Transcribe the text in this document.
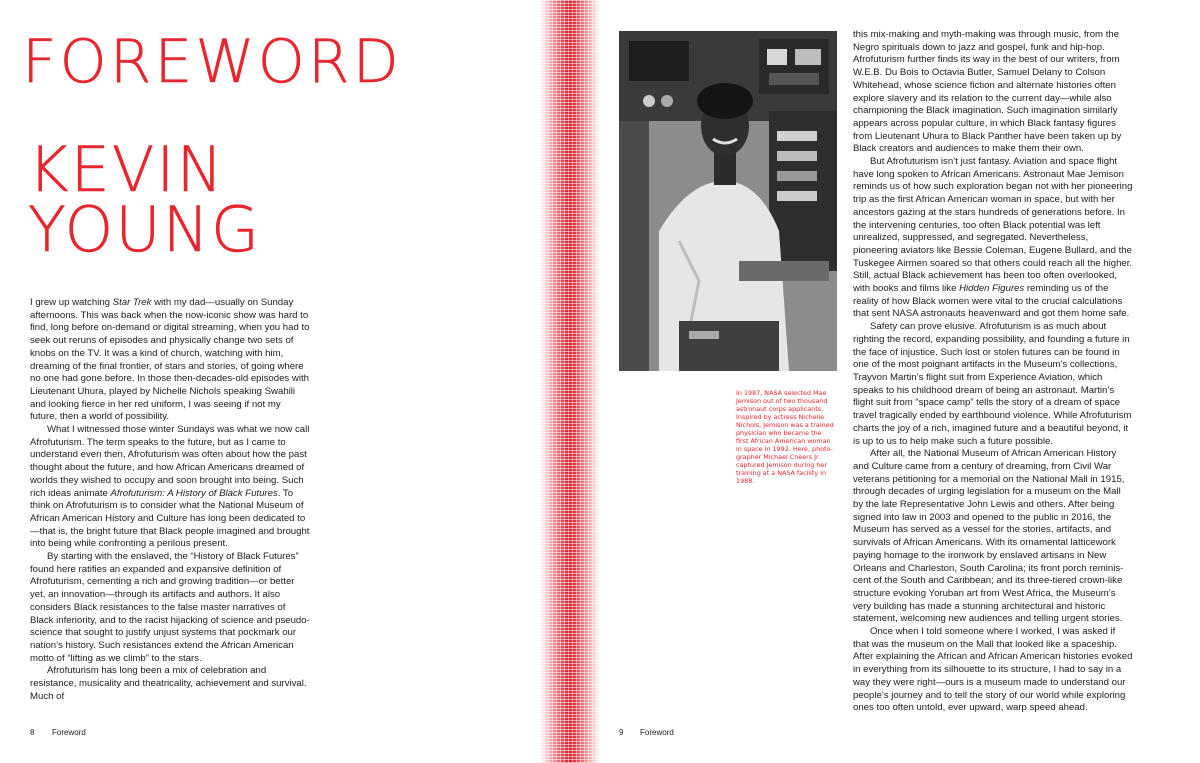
FOREWORD
KEVIN
YOUNG

I grew up watching Star Trek with my dad—usually on Sunday afternoons. This was back when the now-iconic show was hard to find, long before on-demand or digital streaming, when you had to seek out reruns of episodes and physically change two sets of knobs on the TV. It was a kind of church, watching with him, dreaming of the final frontier, of stars and stories, of going where no one had gone before. In those then-decades-old episodes with Lieutenant Uhura, played by Nichelle Nichols speaking Swahili and looking fierce in her red uniform, I was seeing if not my future, then a world of possibility.

What I witnessed those winter Sundays was what we now call Afrofuturism. The term speaks to the future, but as I came to understand even then, Afrofuturism was often about how the past thought about the future, and how African Americans dreamed of worlds they wished to occupy and soon brought into being. Such rich ideas animate Afrofuturism: A History of Black Futures. To think on Afrofuturism is to consider what the National Museum of African American History and Culture has long been dedicated to—that is, the bright future that Black people imagined and brought into being while confronting a perilous present.

By starting with the enslaved, the “History of Black Futures” found here ratifies an expanded and expansive definition of Afrofuturism, cementing a rich and growing tradition—or better yet, an innovation—through its artifacts and authors. It also considers Black resistances to the false master narratives of Black inferiority, and to the racist hijacking of science and pseudo-science that sought to justify unjust systems that pockmark our nation’s history. Such resistances extend the African American motto of “lifting as we climb” to the stars.

Afrofuturism has long been a mix of celebration and resistance, musicality and theatricality, achievement and survival. Much of

8 Foreword

In 1987, NASA selected Mae Jemison out of two thousand astronaut corps applicants. Inspired by actress Nichelle Nichols, Jemison was a trained physician who became the first African American woman in space in 1992. Here, photo-grapher Michael Cheers Jr. captured Jemison during her training at a NASA facility in 1988.

this mix-making and myth-making was through music, from the Negro spirituals down to jazz and gospel, funk and hip-hop. Afrofuturism further finds its way in the best of our writers, from W.E.B. Du Bois to Octavia Butler, Samuel Delany to Colson Whitehead, whose science fiction and alternate histories often explore slavery and its relation to the current day—while also championing the Black imagination. Such imagination similarly appears across popular culture, in which Black fantasy figures from Lieutenant Uhura to Black Panther have been taken up by Black creators and audiences to make them their own.

But Afrofuturism isn’t just fantasy. Aviation and space flight have long spoken to African Americans. Astronaut Mae Jemison reminds us of how such exploration began not with her pioneering trip as the first African American woman in space, but with her ancestors gazing at the stars hundreds of generations before. In the intervening centuries, too often Black potential was left unrealized, suppressed, and segregated. Nevertheless, pioneering aviators like Bessie Coleman, Eugene Bullard, and the Tuskegee Airmen soared so that others could reach all the higher. Still, actual Black achievement has been too often overlooked, with books and films like Hidden Figures reminding us of the reality of how Black women were vital to the crucial calculations that sent NASA astronauts heavenward and got them home safe.

Safety can prove elusive. Afrofuturism is as much about righting the record, expanding possibility, and founding a future in the face of injustice. Such lost or stolen futures can be found in one of the most poignant artifacts in the Museum’s collections, Trayvon Martin’s flight suit from Experience Aviation, which speaks to his childhood dream of being an astronaut. Martin’s flight suit from “space camp” tells the story of a dream of space travel tragically ended by earthbound violence. While Afrofuturism charts the joy of a rich, imagined future and a beautiful beyond, it is up to us to help make such a future possible.

After all, the National Museum of African American History and Culture came from a century of dreaming, from Civil War veterans petitioning for a memorial on the National Mall in 1915, through decades of urging legislation for a museum on the Mall by the late Representative John Lewis and others. After being signed into law in 2003 and opened to the public in 2016, the Museum has served as a vessel for the stories, artifacts, and survivals of African Americans. With its ornamental latticework paying homage to the ironwork by enslaved artisans in New Orleans and Charleston, South Carolina; its front porch reminis-cent of the South and Caribbean; and its three-tiered crown-like structure evoking Yoruban art from West Africa, the Museum’s very building has made a stunning architectural and historic statement, welcoming new audiences and telling urgent stories.

Once when I told someone where I worked, I was asked if that was the museum on the Mall that looked like a spaceship. After explaining the African and African American histories evoked in everything from its silhouette to its structure, I had to say in a way they were right—ours is a museum made to understand our people’s journey and to tell the story of our world while exploring ones too often untold, ever upward, warp speed ahead.

9 Foreword
